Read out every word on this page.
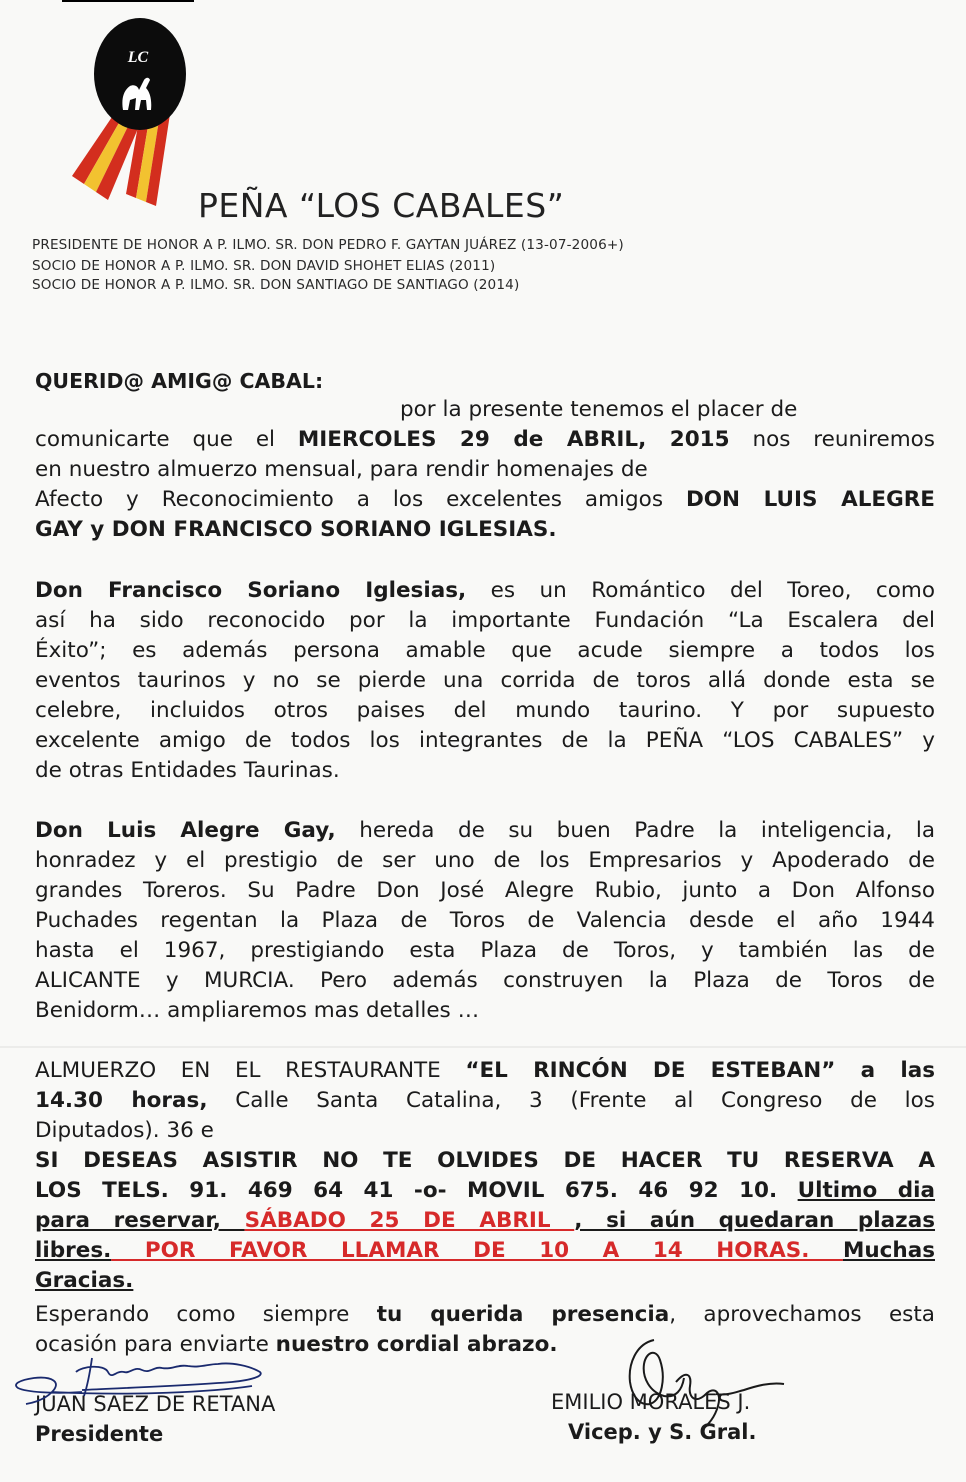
LC
PEÑA “LOS CABALES”
PRESIDENTE DE HONOR A P. ILMO. SR. DON PEDRO F. GAYTAN JUÁREZ (13-07-2006+)
SOCIO DE HONOR A P. ILMO. SR. DON DAVID SHOHET ELIAS (2011)
SOCIO DE HONOR A P. ILMO. SR. DON SANTIAGO DE SANTIAGO (2014)
QUERID@ AMIG@ CABAL:
por la presente tenemos el placer de
comunicarte que el MIERCOLES 29 de ABRIL, 2015 nos reuniremos
en nuestro almuerzo mensual, para rendir homenajes de
Afecto y Reconocimiento a los excelentes amigos DON LUIS ALEGRE
GAY y DON FRANCISCO SORIANO IGLESIAS.
Don Francisco Soriano Iglesias, es un Romántico del Toreo, como
así ha sido reconocido por la importante Fundación “La Escalera del
Éxito”; es además persona amable que acude siempre a todos los
eventos taurinos y no se pierde una corrida de toros allá donde esta se
celebre, incluidos otros paises del mundo taurino. Y por supuesto
excelente amigo de todos los integrantes de la PEÑA “LOS CABALES” y
de otras Entidades Taurinas.
Don Luis Alegre Gay, hereda de su buen Padre la inteligencia, la
honradez y el prestigio de ser uno de los Empresarios y Apoderado de
grandes Toreros. Su Padre Don José Alegre Rubio, junto a Don Alfonso
Puchades regentan la Plaza de Toros de Valencia desde el año 1944
hasta el 1967, prestigiando esta Plaza de Toros, y también las de
ALICANTE y MURCIA. Pero además construyen la Plaza de Toros de
Benidorm… ampliaremos mas detalles …
ALMUERZO EN EL RESTAURANTE “EL RINCÓN DE ESTEBAN” a las
14.30 horas, Calle Santa Catalina, 3 (Frente al Congreso de los
Diputados). 36 e
SI DESEAS ASISTIR NO TE OLVIDES DE HACER TU RESERVA A
LOS TELS. 91. 469 64 41 -o- MOVIL 675. 46 92 10. Ultimo dia
para reservar, SÁBADO 25 DE ABRIL , si aún quedaran plazas
libres. POR FAVOR LLAMAR DE 10 A 14 HORAS. Muchas
Gracias.
Esperando como siempre tu querida presencia, aprovechamos esta
ocasión para enviarte nuestro cordial abrazo.
JUAN SAEZ DE RETANA
Presidente
EMILIO MORALES J.
Vicep. y S. Gral.
